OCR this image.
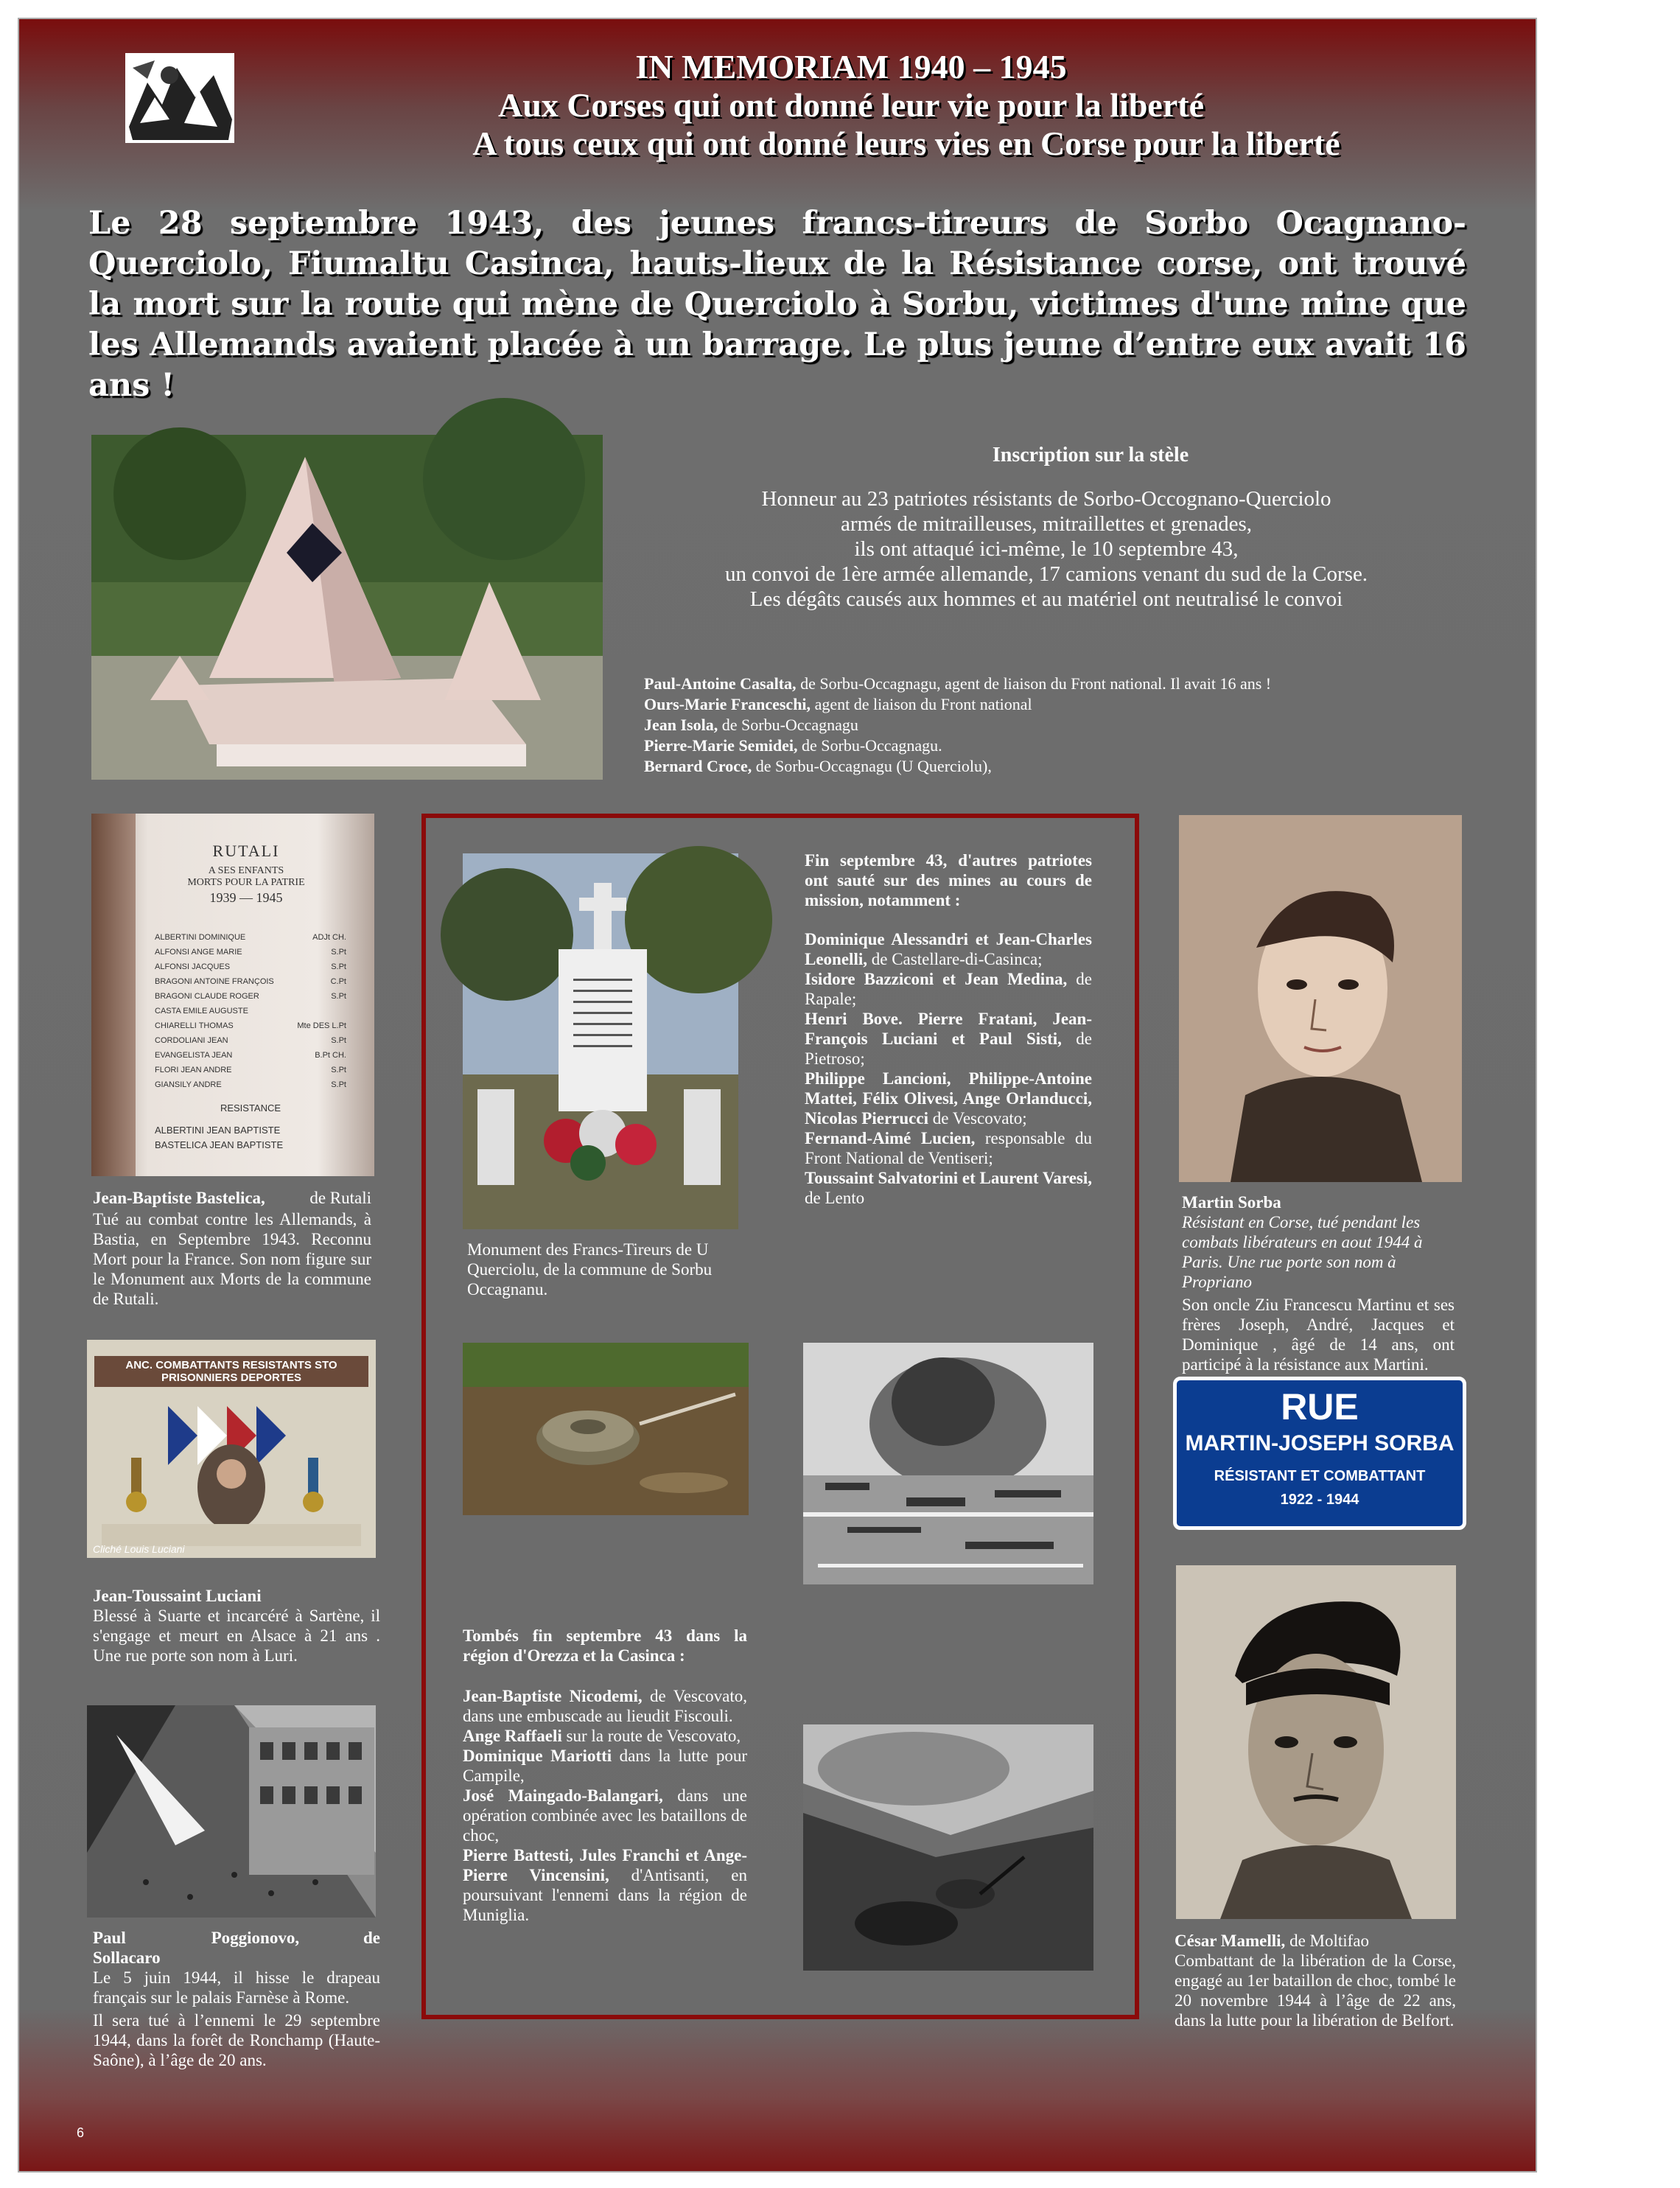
IN MEMORIAM 1940 – 1945
Aux Corses qui ont donné leur vie pour la liberté
A tous ceux qui ont donné leurs vies en Corse pour la liberté
Le 28 septembre 1943, des jeunes francs-tireurs de Sorbo Ocagnano-Querciolo, Fiumaltu Casinca, hauts-lieux de la Résistance corse, ont trouvé la mort sur la route qui mène de Querciolo à Sorbu, victimes d'une mine que les Allemands avaient placée à un barrage. Le plus jeune d’entre eux avait 16 ans !
Inscription sur la stèle
Honneur au 23 patriotes résistants de Sorbo-Occognano-Querciolo
armés de mitrailleuses, mitraillettes et grenades,
ils ont attaqué ici-même, le 10 septembre 43,
un convoi de 1ère armée allemande, 17 camions venant du sud de la Corse.
Les dégâts causés aux hommes et au matériel ont neutralisé le convoi

Paul-Antoine Casalta, de Sorbu-Occagnagu, agent de liaison du Front national. Il avait 16 ans !

Ours-Marie Franceschi, agent de liaison du Front national

Jean Isola, de Sorbu-Occagnagu

Pierre-Marie Semidei, de Sorbu-Occagnagu.

Bernard Croce, de Sorbu-Occagnagu (U Querciolu),

RUTALI
A SES ENFANTS
MORTS POUR LA PATRIE
1939 — 1945
ALBERTINI DOMINIQUE	ADJt CH.
ALFONSI ANGE MARIE	S.Pt
ALFONSI JACQUES	S.Pt
BRAGONI ANTOINE FRANÇOIS	C.Pt
BRAGONI CLAUDE ROGER	S.Pt
CASTA EMILE AUGUSTE
CHIARELLI THOMAS	Mte DES L.Pt
CORDOLIANI JEAN	S.Pt
EVANGELISTA JEAN	B.Pt CH.
FLORI JEAN ANDRE	S.Pt
GIANSILY ANDRE	S.Pt
RESISTANCE
ALBERTINI JEAN BAPTISTE
BASTELICA JEAN BAPTISTE

Jean-Baptiste Bastelica,	de Rutali

Tué au combat contre les Allemands, à Bastia, en Septembre 1943. Reconnu Mort pour la France. Son nom figure sur le Monument aux Morts de la commune de Rutali.

ANC. COMBATTANTS RESISTANTS STO PRISONNIERS DEPORTES
Cliché Louis Luciani

Jean-Toussaint Luciani

Blessé à Suarte et incarcéré à Sartène, il s'engage et meurt en Alsace à 21 ans . Une rue porte son nom à Luri.

Paul    Poggionovo,   de

Sollacaro

Le 5 juin 1944, il hisse le drapeau français sur le palais Farnèse à Rome.

Il sera tué à l’ennemi le 29 septembre 1944, dans la forêt de Ronchamp (Haute-Saône), à l’âge de 20 ans.

Monument des Francs-Tireurs de U Querciolu, de la commune de Sorbu Occagnanu.

Fin septembre 43, d'autres patriotes ont sauté sur des mines au cours de mission, notamment :

Dominique Alessandri et Jean-Charles Leonelli, de Castellare-di-Casinca;

Isidore Bazziconi et Jean Medina, de Rapale;

Henri Bove. Pierre Fratani, Jean-François Luciani et Paul Sisti, de Pietroso;

Philippe Lancioni, Philippe-Antoine Mattei, Félix Olivesi, Ange Orlanducci, Nicolas Pierrucci de Vescovato;

Fernand-Aimé Lucien, responsable du Front National de Ventiseri;

Toussaint Salvatorini et Laurent Varesi, de Lento

Tombés fin septembre 43 dans la région d'Orezza et la Casinca :

Jean-Baptiste Nicodemi, de Vescovato, dans une embuscade au lieudit Fiscouli.

Ange Raffaeli sur la route de Vescovato,

Dominique Mariotti dans la lutte pour Campile,

José Maingado-Balangari, dans une opération combinée avec les bataillons de choc,

Pierre Battesti, Jules Franchi et Ange-Pierre Vincensini, d'Antisanti, en poursuivant l'ennemi dans la région de Muniglia.

Martin Sorba

Résistant en Corse, tué pendant les combats libérateurs en aout 1944 à Paris. Une rue porte son nom à Propriano

Son oncle Ziu Francescu Martinu et ses frères Joseph, André, Jacques et Dominique , âgé de 14 ans, ont participé à la résistance aux Martini.

RUE
MARTIN-JOSEPH SORBA
RÉSISTANT ET COMBATTANT
1922 - 1944

César Mamelli, de Moltifao

Combattant de la libération de la Corse, engagé au 1er bataillon de choc, tombé le 20 novembre 1944 à l’âge de 22 ans, dans la lutte pour la libération de Belfort.

6
